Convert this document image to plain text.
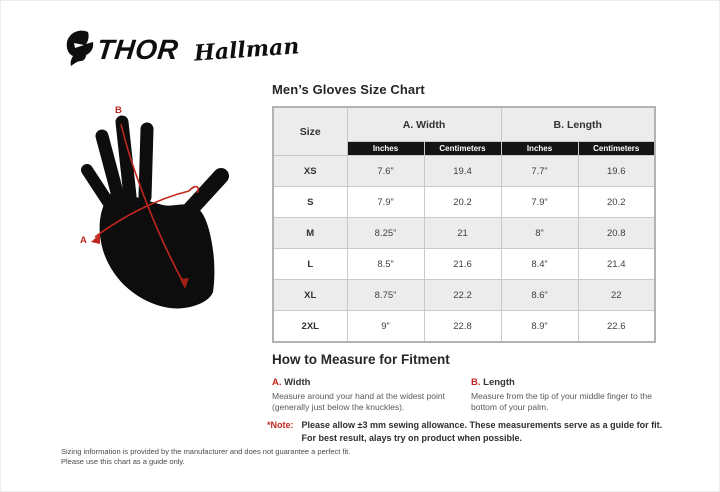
THOR Hallman
A
B
Men’s Gloves Size Chart
Size	A. Width		B. Length	
	Inches	Centimeters	Inches	Centimeters
XS	7.6”	19.4	7.7”	19.6
S	7.9”	20.2	7.9”	20.2
M	8.25”	21	8”	20.8
L	8.5”	21.6	8.4”	21.4
XL	8.75”	22.2	8.6”	22
2XL	9”	22.8	8.9”	22.6
How to Measure for Fitment
A. Width
Measure around your hand at the widest point (generally just below the knuckles).
B. Length
Measure from the tip of your middle finger to the bottom of your palm.
*Note: Please allow ±3 mm sewing allowance. These measurements serve as a guide for fit. For best result, alays try on product when possible.
Sizing information is provided by the manufacturer and does not guarantee a perfect fit.
Please use this chart as a guide only.
